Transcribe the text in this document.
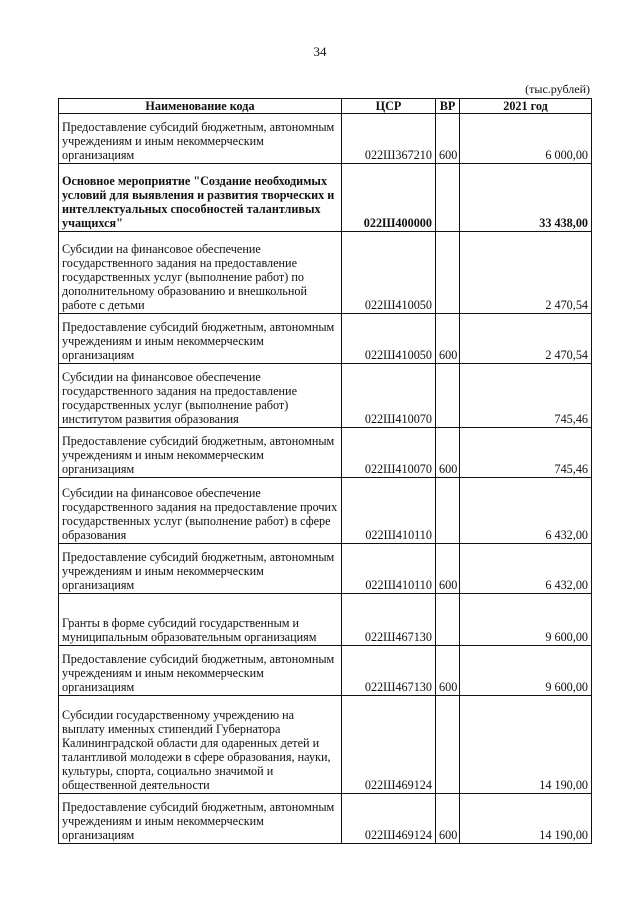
34
(тыс.рублей)
Наименование кода	ЦСР	ВР	2021 год
Предоставление субсидий бюджетным, автономным учреждениям и иным некоммерческим организациям	022Ш367210	600	6 000,00
Основное мероприятие "Создание необходимых условий для выявления и развития творческих и интеллектуальных способностей талантливых учащихся"	022Ш400000		33 438,00
Субсидии на финансовое обеспечение государственного задания на предоставление государственных услуг (выполнение работ) по дополнительному образованию и внешкольной работе с детьми	022Ш410050		2 470,54
Предоставление субсидий бюджетным, автономным учреждениям и иным некоммерческим организациям	022Ш410050	600	2 470,54
Субсидии на финансовое обеспечение государственного задания на предоставление государственных услуг (выполнение работ) институтом развития образования	022Ш410070		745,46
Предоставление субсидий бюджетным, автономным учреждениям и иным некоммерческим организациям	022Ш410070	600	745,46
Субсидии на финансовое обеспечение государственного задания на предоставление прочих государственных услуг (выполнение работ) в сфере образования	022Ш410110		6 432,00
Предоставление субсидий бюджетным, автономным учреждениям и иным некоммерческим организациям	022Ш410110	600	6 432,00
Гранты в форме субсидий государственным и муниципальным образовательным организациям	022Ш467130		9 600,00
Предоставление субсидий бюджетным, автономным учреждениям и иным некоммерческим организациям	022Ш467130	600	9 600,00
Субсидии государственному учреждению на выплату именных стипендий Губернатора Калининградской области для одаренных детей и талантливой молодежи в сфере образования, науки, культуры, спорта, социально значимой и общественной деятельности	022Ш469124		14 190,00
Предоставление субсидий бюджетным, автономным учреждениям и иным некоммерческим организациям	022Ш469124	600	14 190,00
